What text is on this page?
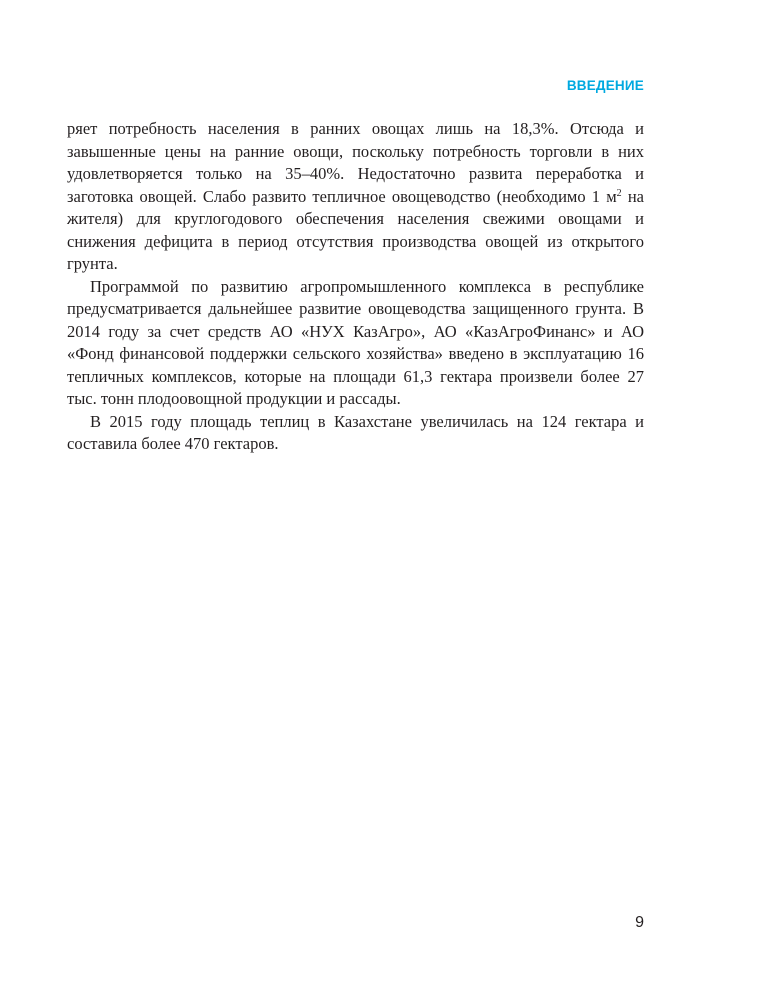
ВВЕДЕНИЕ

ряет потребность населения в ранних овощах лишь на 18,3%. Отсюда и завышенные цены на ранние овощи, поскольку потребность торговли в них удовлетворяется только на 35–40%. Недостаточно развита переработка и заготовка овощей. Слабо развито тепличное овощеводство (необходимо 1 $м^2$ на жителя) для круглогодового обеспечения населения свежими овощами и снижения дефицита в период отсутствия производства овощей из открытого грунта.

Программой по развитию агропромышленного комплекса в республике предусматривается дальнейшее развитие овощеводства защищенного грунта. В 2014 году за счет средств АО «НУХ КазАгро», АО «КазАгроФинанс» и АО «Фонд финансовой поддержки сельского хозяйства» введено в эксплуатацию 16 тепличных комплексов, которые на площади 61,3 гектара произвели более 27 тыс. тонн плодоовощной продукции и рассады.

В 2015 году площадь теплиц в Казахстане увеличилась на 124 гектара и составила более 470 гектаров.

9
